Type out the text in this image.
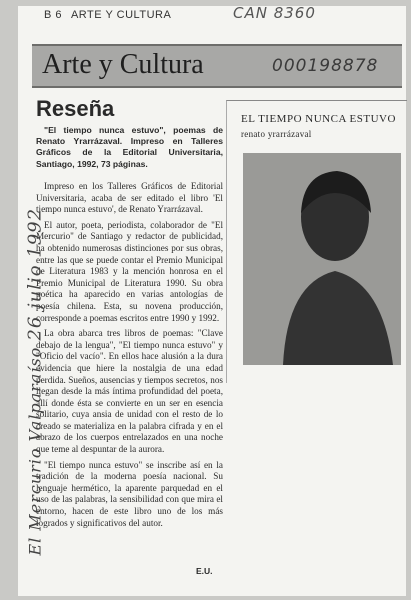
B 6 ARTE Y CULTURA	CAN 8360
Arte y Cultura	000198878
Reseña
"El tiempo nunca estuvo", poemas de Renato Yrarrázaval. Impreso en Talleres Gráficos de la Editorial Universitaria, Santiago, 1992, 73 páginas.

Impreso en los Talleres Gráficos de Editorial Universitaria, acaba de ser editado el libro 'El tiempo nunca estuvo', de Renato Yrarrázaval.

El autor, poeta, periodista, colaborador de "El Mercurio" de Santiago y redactor de publicidad, ha obtenido numerosas distinciones por sus obras, entre las que se puede contar el Premio Municipal de Literatura 1983 y la mención honrosa en el Premio Municipal de Literatura 1990. Su obra poética ha aparecido en varias antologías de poesía chilena. Esta, su novena producción, corresponde a poemas escritos entre 1990 y 1992.

La obra abarca tres libros de poemas: "Clave debajo de la lengua", "El tiempo nunca estuvo" y "Oficio del vacío". En ellos hace alusión a la dura evidencia que hiere la nostalgia de una edad perdida. Sueños, ausencias y tiempos secretos, nos llegan desde la más íntima profundidad del poeta, allí donde ésta se convierte en un ser en esencia solitario, cuya ansia de unidad con el resto de lo creado se materializa en la palabra cifrada y en el abrazo de los cuerpos entrelazados en una noche que teme al despuntar de la aurora.

"El tiempo nunca estuvo" se inscribe así en la tradición de la moderna poesía nacional. Su lenguaje hermético, la aparente parquedad en el uso de las palabras, la sensibilidad con que mira el entorno, hacen de este libro uno de los más logrados y significativos del autor.

E.U.
EL TIEMPO NUNCA ESTUVO
renato yrarrázaval
El Mercurio Valparaíso 26 julio 1992
